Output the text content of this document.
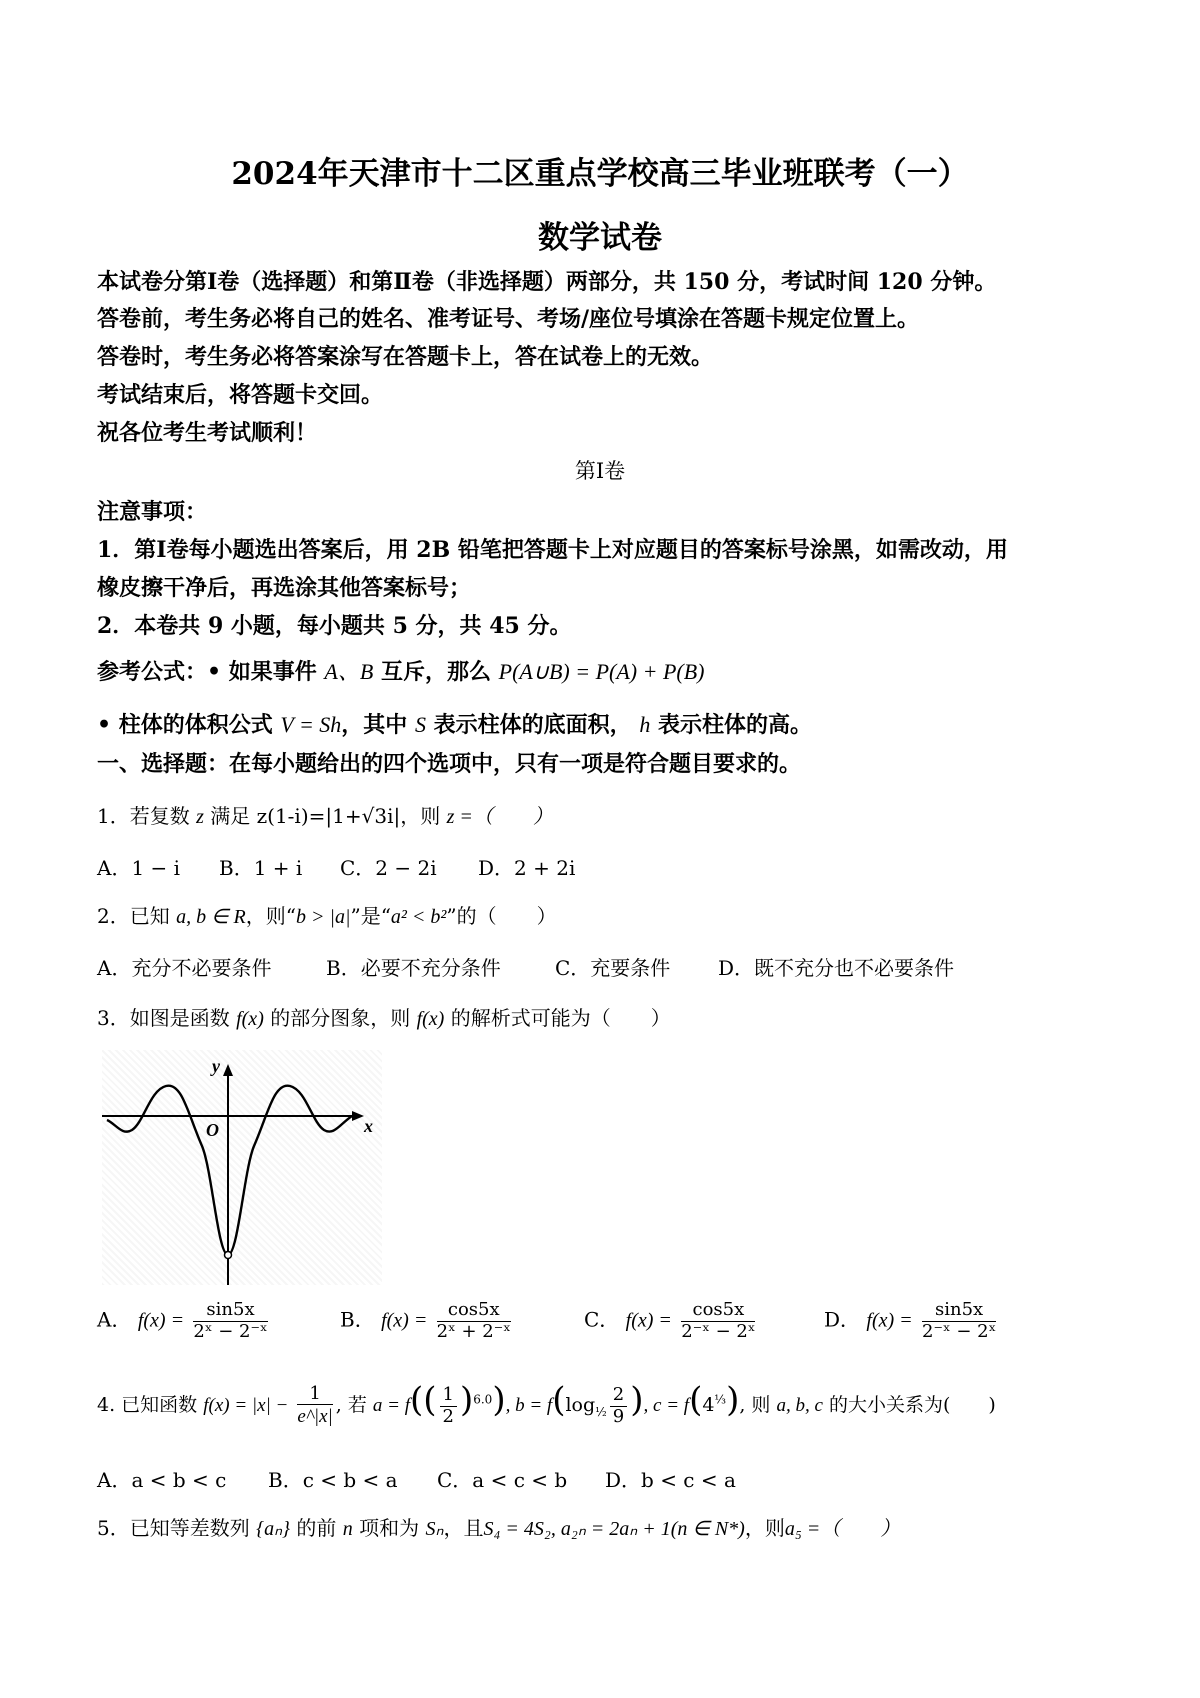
2024年天津市十二区重点学校高三毕业班联考（一）
数学试卷
本试卷分第Ⅰ卷（选择题）和第Ⅱ卷（非选择题）两部分，共 150 分，考试时间 120 分钟。
答卷前，考生务必将自己的姓名、准考证号、考场/座位号填涂在答题卡规定位置上。
答卷时，考生务必将答案涂写在答题卡上，答在试卷上的无效。
考试结束后，将答题卡交回。
祝各位考生考试顺利！
第Ⅰ卷
注意事项：
1．第Ⅰ卷每小题选出答案后，用 2B 铅笔把答题卡上对应题目的答案标号涂黑，如需改动，用
橡皮擦干净后，再选涂其他答案标号；
2．本卷共 9 小题，每小题共 5 分，共 45 分。
参考公式：• 如果事件 A、B 互斥，那么 P(A∪B) = P(A) + P(B)
• 柱体的体积公式 V = Sh，其中 S 表示柱体的底面积， h 表示柱体的高。
一、选择题：在每小题给出的四个选项中，只有一项是符合题目要求的。
1．若复数 z 满足 z(1-i)=|1+√3i|，则 z =（　　）
A．1 − i B．1 + i C．2 − 2i D．2 + 2i
2．已知 a, b ∈ R，则“b > |a|”是“a² < b²”的（　　）
A．充分不必要条件	B．必要不充分条件	C．充要条件 D．既不充分也不必要条件
3．如图是函数 f(x) 的部分图象，则 f(x) 的解析式可能为（　　）
y
x
O
A． $f(x) = \frac{\sin 5x}{\text{2ˣ − 2⁻ˣ}}$	B． $f(x) = \frac{\cos 5x}{\text{2ˣ + 2⁻ˣ}}$	C． $f(x) = \frac{\cos 5x}{\text{2⁻ˣ − 2ˣ}}$	D． $f(x) = \frac{\sin 5x}{\text{2⁻ˣ − 2ˣ}}$
4. 已知函数 $f(x) = |x| - \frac{1}{e\^{}|x|}$ , 若 $a = f(( \frac{1}{2} )^{6.0})$, $b = f(\log_{\frac{1}{2}} \frac{2}{9}$ ), $c = f(4^{\frac{1}{3}})$, 则 a, b, c 的大小关系为(　　)
A．a < b < c B．c < b < a C．a < c < b D．b < c < a
5．已知等差数列 {aₙ} 的前 n 项和为 Sₙ，且S₄ = 4S₂, a₂ₙ = 2aₙ + 1(n ∈ N*)，则a₅ =（　　）
